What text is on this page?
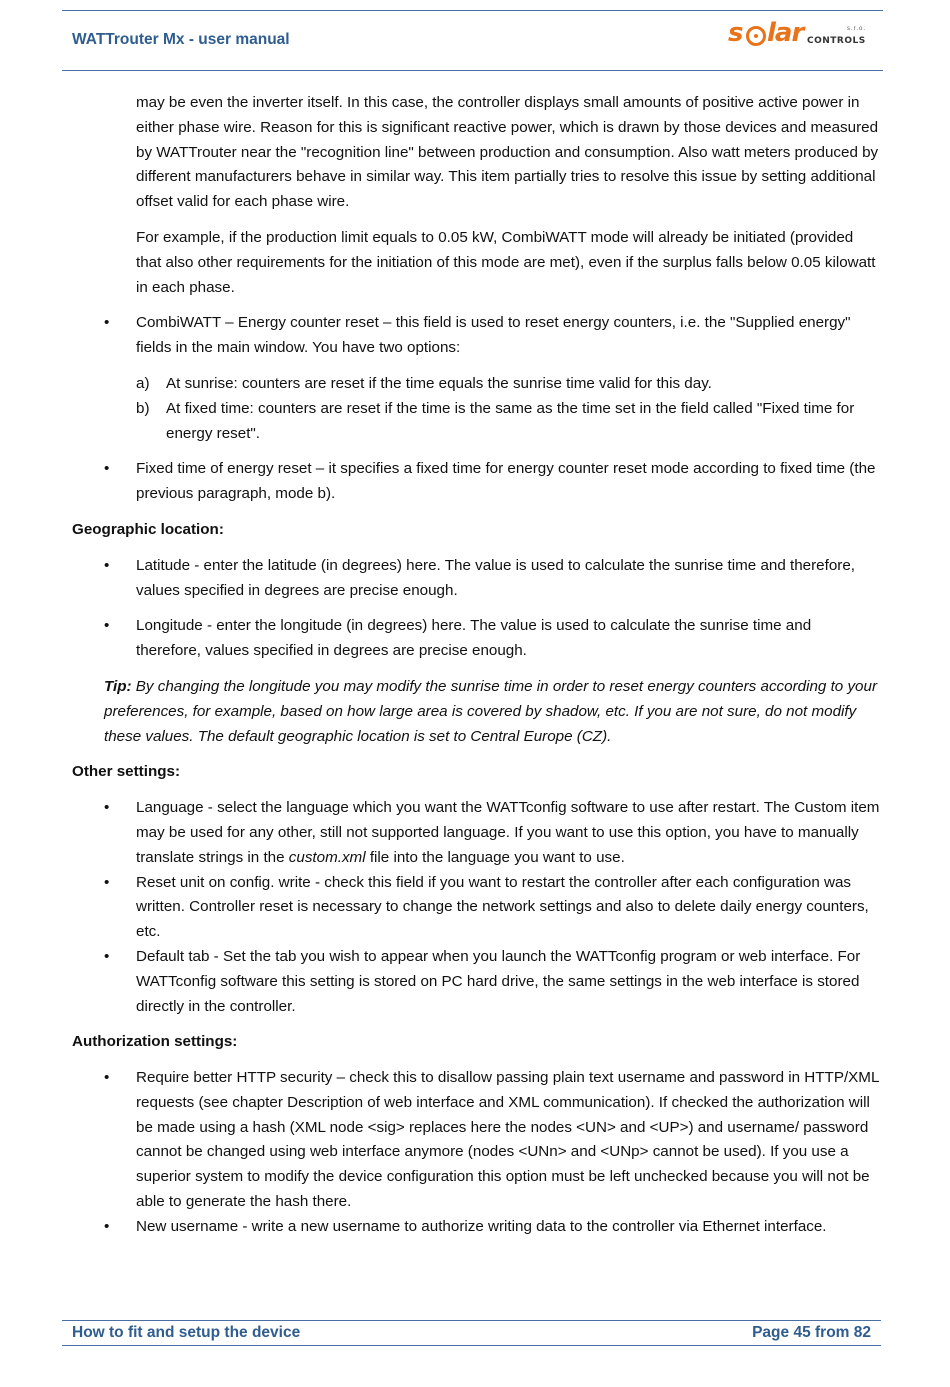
WATTrouter Mx - user manual	s lar	s.r.o.
CONTROLS

may be even the inverter itself. In this case, the controller displays small amounts of positive active power in either phase wire. Reason for this is significant reactive power, which is drawn by those devices and measured by WATTrouter near the "recognition line" between production and consumption. Also watt meters produced by different manufacturers behave in similar way. This item partially tries to resolve this issue by setting additional offset valid for each phase wire.

For example, if the production limit equals to 0.05 kW, CombiWATT mode will already be initiated (provided that also other requirements for the initiation of this mode are met), even if the surplus falls below 0.05 kilowatt in each phase.

• CombiWATT – Energy counter reset – this field is used to reset energy counters, i.e. the "Supplied energy" fields in the main window. You have two options:
a) At sunrise: counters are reset if the time equals the sunrise time valid for this day.
b) At fixed time: counters are reset if the time is the same as the time set in the field called "Fixed time for energy reset".
• Fixed time of energy reset – it specifies a fixed time for energy counter reset mode according to fixed time (the previous paragraph, mode b).

Geographic location:

• Latitude - enter the latitude (in degrees) here. The value is used to calculate the sunrise time and therefore, values specified in degrees are precise enough.
• Longitude - enter the longitude (in degrees) here. The value is used to calculate the sunrise time and therefore, values specified in degrees are precise enough.

Tip: By changing the longitude you may modify the sunrise time in order to reset energy counters according to your preferences, for example, based on how large area is covered by shadow, etc. If you are not sure, do not modify these values. The default geographic location is set to Central Europe (CZ).

Other settings:

• Language - select the language which you want the WATTconfig software to use after restart. The Custom item may be used for any other, still not supported language. If you want to use this option, you have to manually translate strings in the custom.xml file into the language you want to use.
• Reset unit on config. write - check this field if you want to restart the controller after each configuration was written. Controller reset is necessary to change the network settings and also to delete daily energy counters, etc.
• Default tab - Set the tab you wish to appear when you launch the WATTconfig program or web interface. For WATTconfig software this setting is stored on PC hard drive, the same settings in the web interface is stored directly in the controller.

Authorization settings:

• Require better HTTP security – check this to disallow passing plain text username and password in HTTP/XML requests (see chapter Description of web interface and XML communication). If checked the authorization will be made using a hash (XML node <sig> replaces here the nodes <UN> and <UP>) and username/ password cannot be changed using web interface anymore (nodes <UNn> and <UNp> cannot be used). If you use a superior system to modify the device configuration this option must be left unchecked because you will not be able to generate the hash there.
• New username - write a new username to authorize writing data to the controller via Ethernet interface.
How to fit and setup the device	Page 45 from 82
